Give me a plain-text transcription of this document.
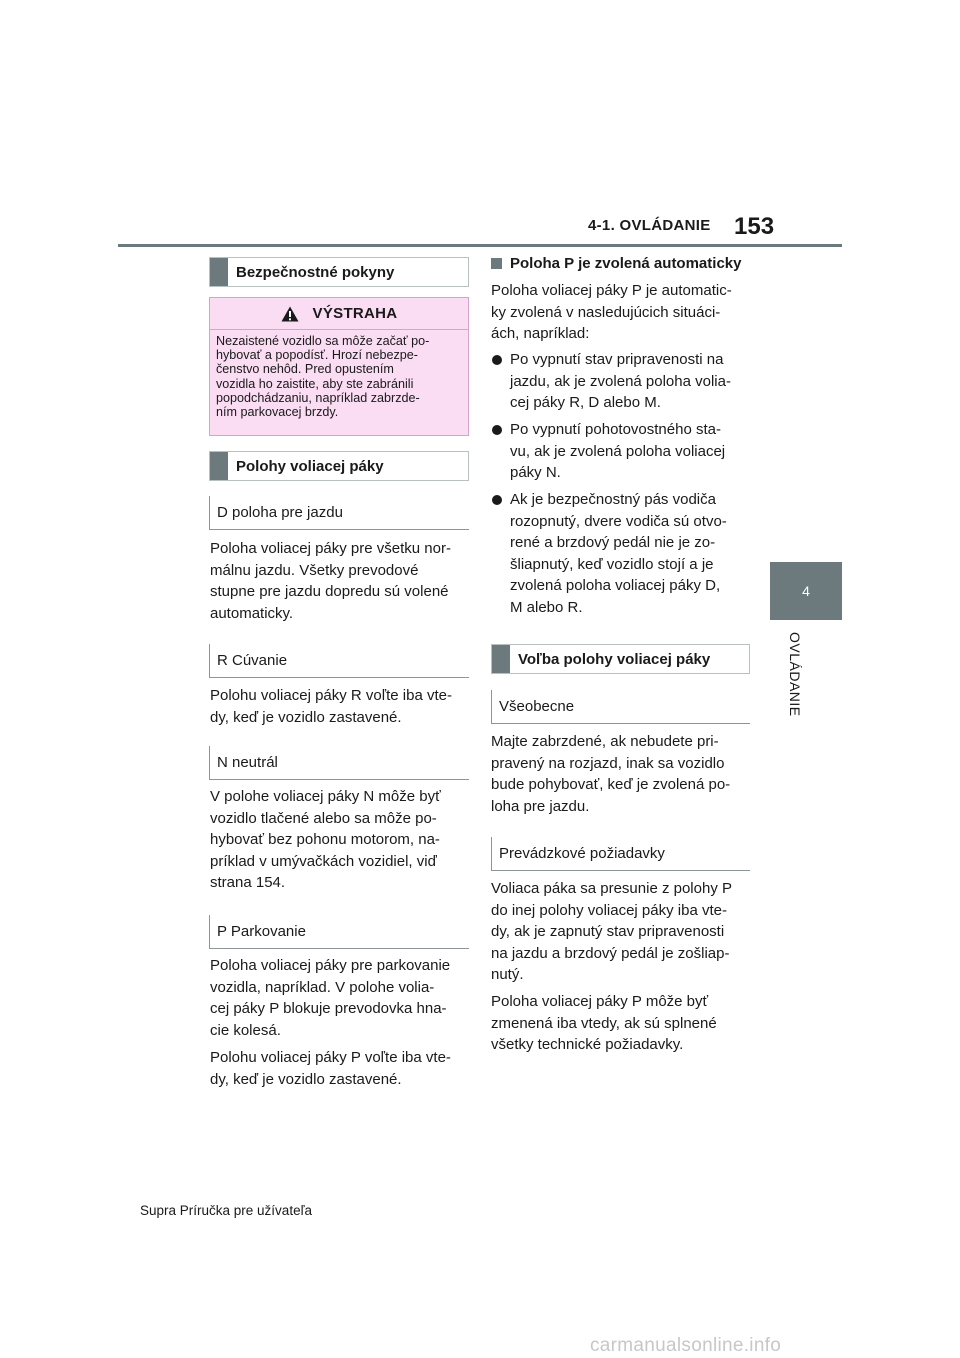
4-1. OVLÁDANIE 153
4
OVLÁDANIE
Bezpečnostné pokyny
VÝSTRAHA
Nezaistené vozidlo sa môže začať po-
hybovať a popodísť. Hrozí nebezpe-
čenstvo nehôd. Pred opustením
vozidla ho zaistite, aby ste zabránili
popodchádzaniu, napríklad zabrzde-
ním parkovacej brzdy.
Polohy voliacej páky
D poloha pre jazdu
Poloha voliacej páky pre všetku nor-
málnu jazdu. Všetky prevodové
stupne pre jazdu dopredu sú volené
automaticky.
R Cúvanie
Polohu voliacej páky R voľte iba vte-
dy, keď je vozidlo zastavené.
N neutrál
V polohe voliacej páky N môže byť
vozidlo tlačené alebo sa môže po-
hybovať bez pohonu motorom, na-
príklad v umývačkách vozidiel, viď
strana 154.
P Parkovanie
Poloha voliacej páky pre parkovanie
vozidla, napríklad. V polohe volia-
cej páky P blokuje prevodovka hna-
cie kolesá.
Polohu voliacej páky P voľte iba vte-
dy, keď je vozidlo zastavené.
Poloha P je zvolená automaticky
Poloha voliacej páky P je automatic-
ky zvolená v nasledujúcich situáci-
ách, napríklad:
Po vypnutí stav pripravenosti na
jazdu, ak je zvolená poloha volia-
cej páky R, D alebo M.
Po vypnutí pohotovostného sta-
vu, ak je zvolená poloha voliacej
páky N.
Ak je bezpečnostný pás vodiča
rozopnutý, dvere vodiča sú otvo-
rené a brzdový pedál nie je zo-
šliapnutý, keď vozidlo stojí a je
zvolená poloha voliacej páky D,
M alebo R.
Voľba polohy voliacej páky
Všeobecne
Majte zabrzdené, ak nebudete pri-
pravený na rozjazd, inak sa vozidlo
bude pohybovať, keď je zvolená po-
loha pre jazdu.
Prevádzkové požiadavky
Voliaca páka sa presunie z polohy P
do inej polohy voliacej páky iba vte-
dy, ak je zapnutý stav pripravenosti
na jazdu a brzdový pedál je zošliap-
nutý.
Poloha voliacej páky P môže byť
zmenená iba vtedy, ak sú splnené
všetky technické požiadavky.
Supra Príručka pre užívateľa
carmanualsonline.info
